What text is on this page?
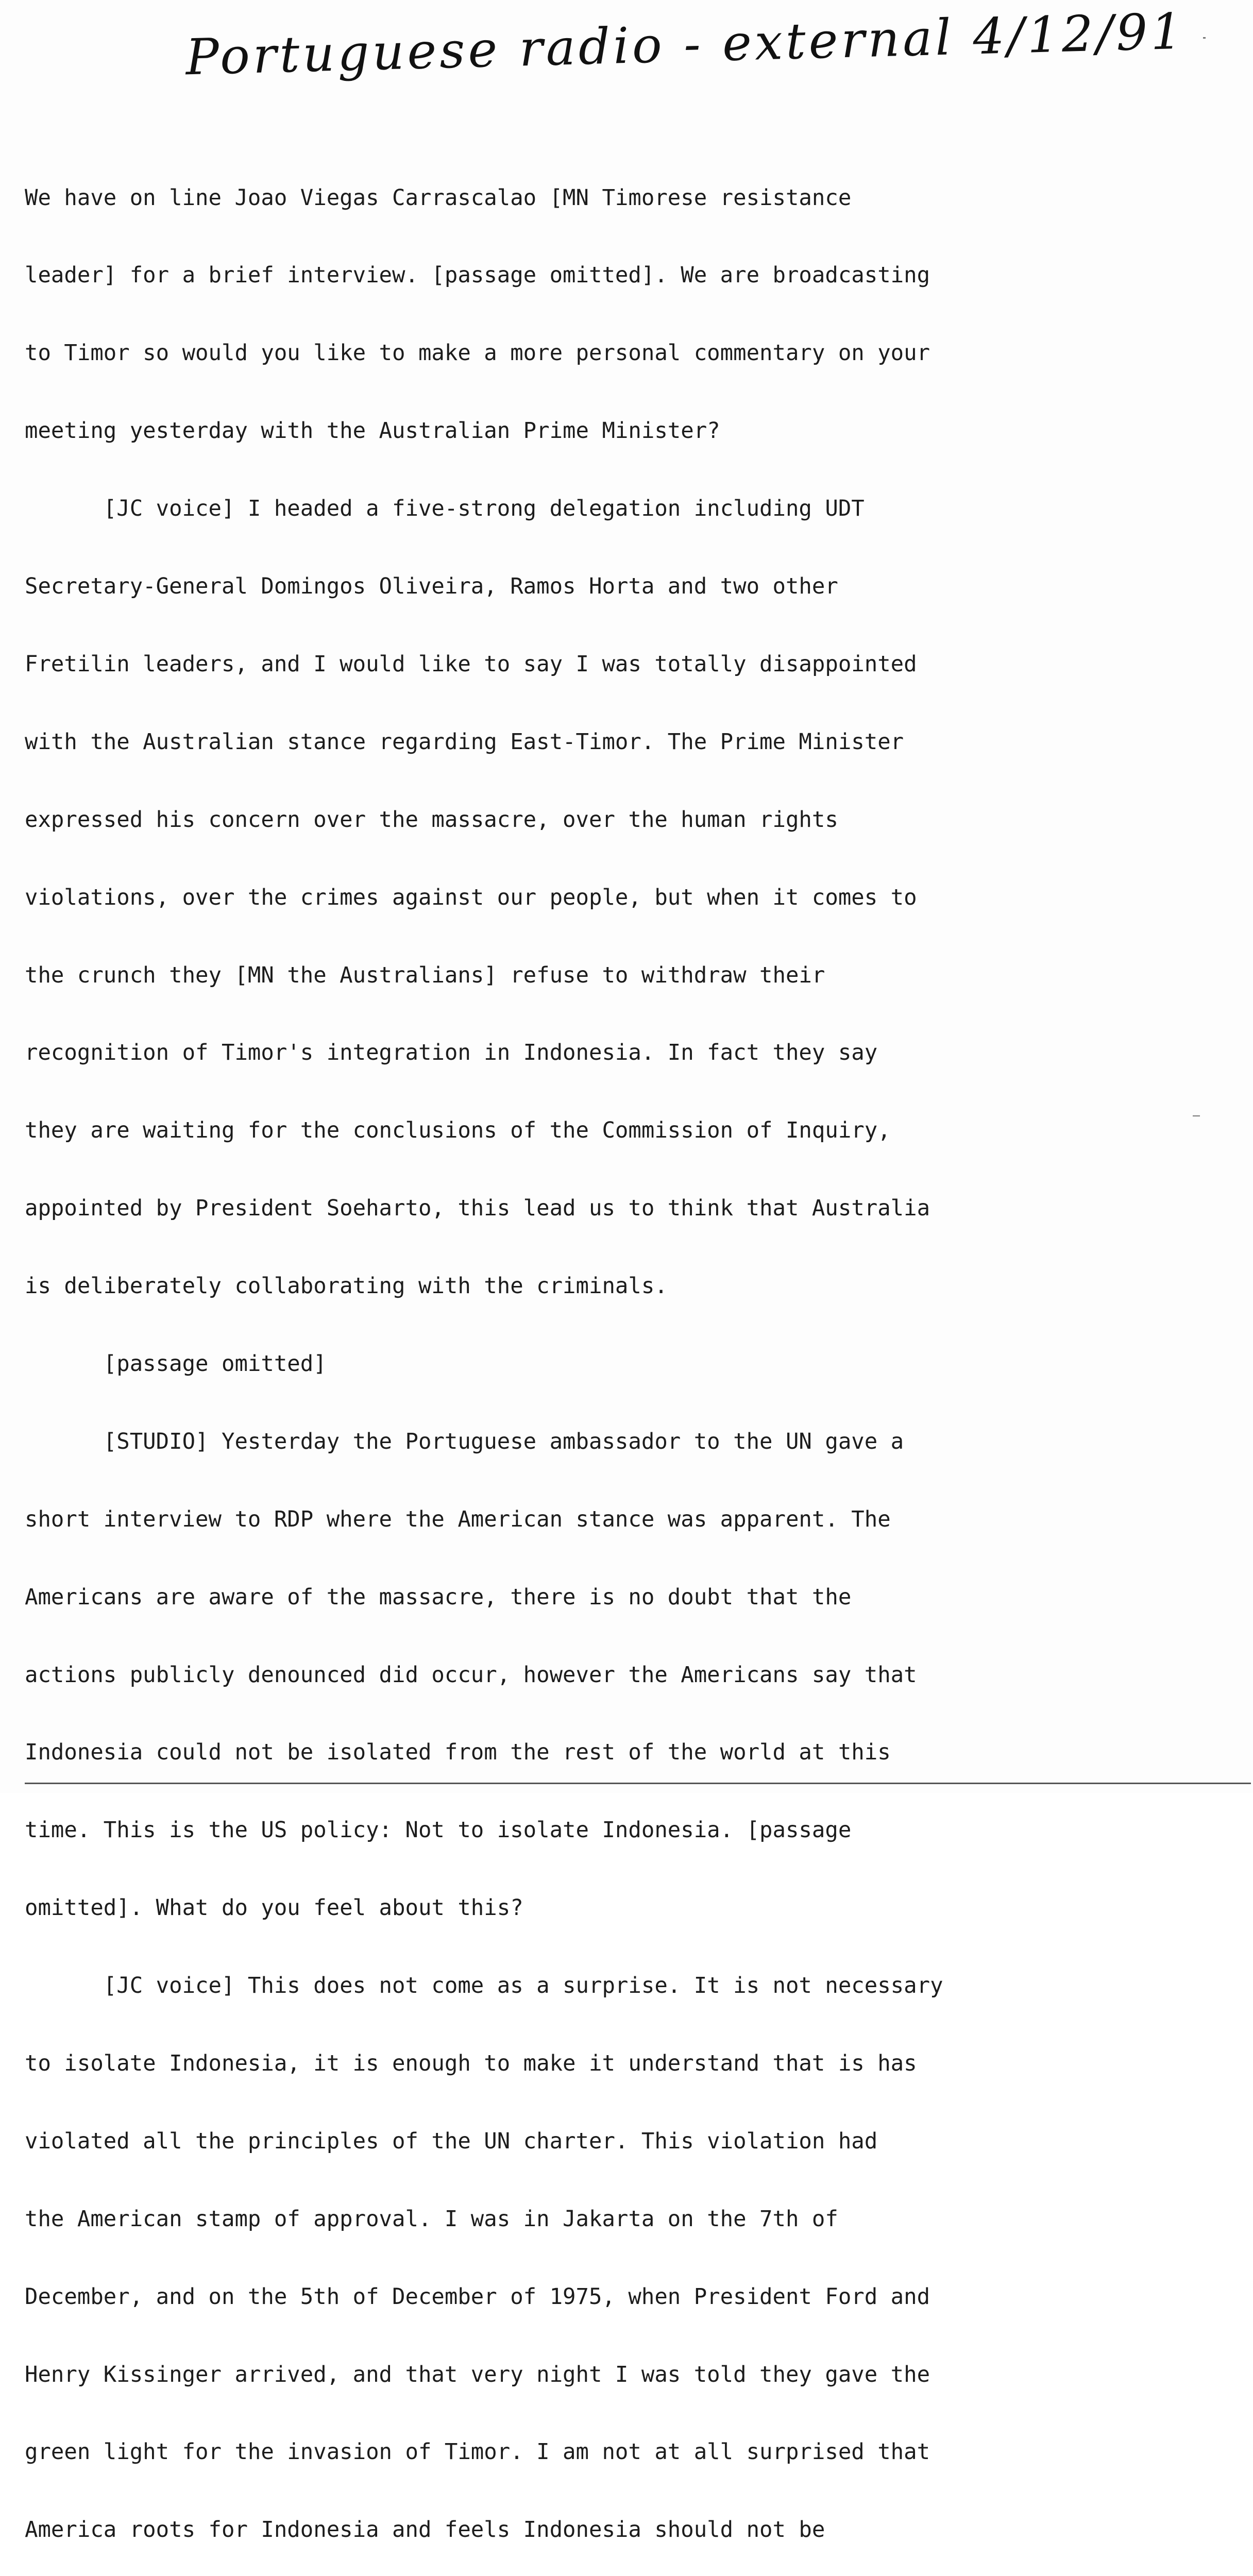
Portuguese radio - external 4/12/91

We have on line Joao Viegas Carrascalao [MN Timorese resistance

leader] for a brief interview. [passage omitted]. We are broadcasting

to Timor so would you like to make a more personal commentary on your

meeting yesterday with the Australian Prime Minister?

[JC voice] I headed a five-strong delegation including UDT

Secretary-General Domingos Oliveira, Ramos Horta and two other

Fretilin leaders, and I would like to say I was totally disappointed

with the Australian stance regarding East-Timor. The Prime Minister

expressed his concern over the massacre, over the human rights

violations, over the crimes against our people, but when it comes to

the crunch they [MN the Australians] refuse to withdraw their

recognition of Timor's integration in Indonesia. In fact they say

they are waiting for the conclusions of the Commission of Inquiry,

appointed by President Soeharto, this lead us to think that Australia

is deliberately collaborating with the criminals.

[passage omitted]

[STUDIO] Yesterday the Portuguese ambassador to the UN gave a

short interview to RDP where the American stance was apparent. The

Americans are aware of the massacre, there is no doubt that the

actions publicly denounced did occur, however the Americans say that

Indonesia could not be isolated from the rest of the world at this

time. This is the US policy: Not to isolate Indonesia. [passage

omitted]. What do you feel about this?

[JC voice] This does not come as a surprise. It is not necessary

to isolate Indonesia, it is enough to make it understand that is has

violated all the principles of the UN charter. This violation had

the American stamp of approval. I was in Jakarta on the 7th of

December, and on the 5th of December of 1975, when President Ford and

Henry Kissinger arrived, and that very night I was told they gave the

green light for the invasion of Timor. I am not at all surprised that

America roots for Indonesia and feels Indonesia should not be
